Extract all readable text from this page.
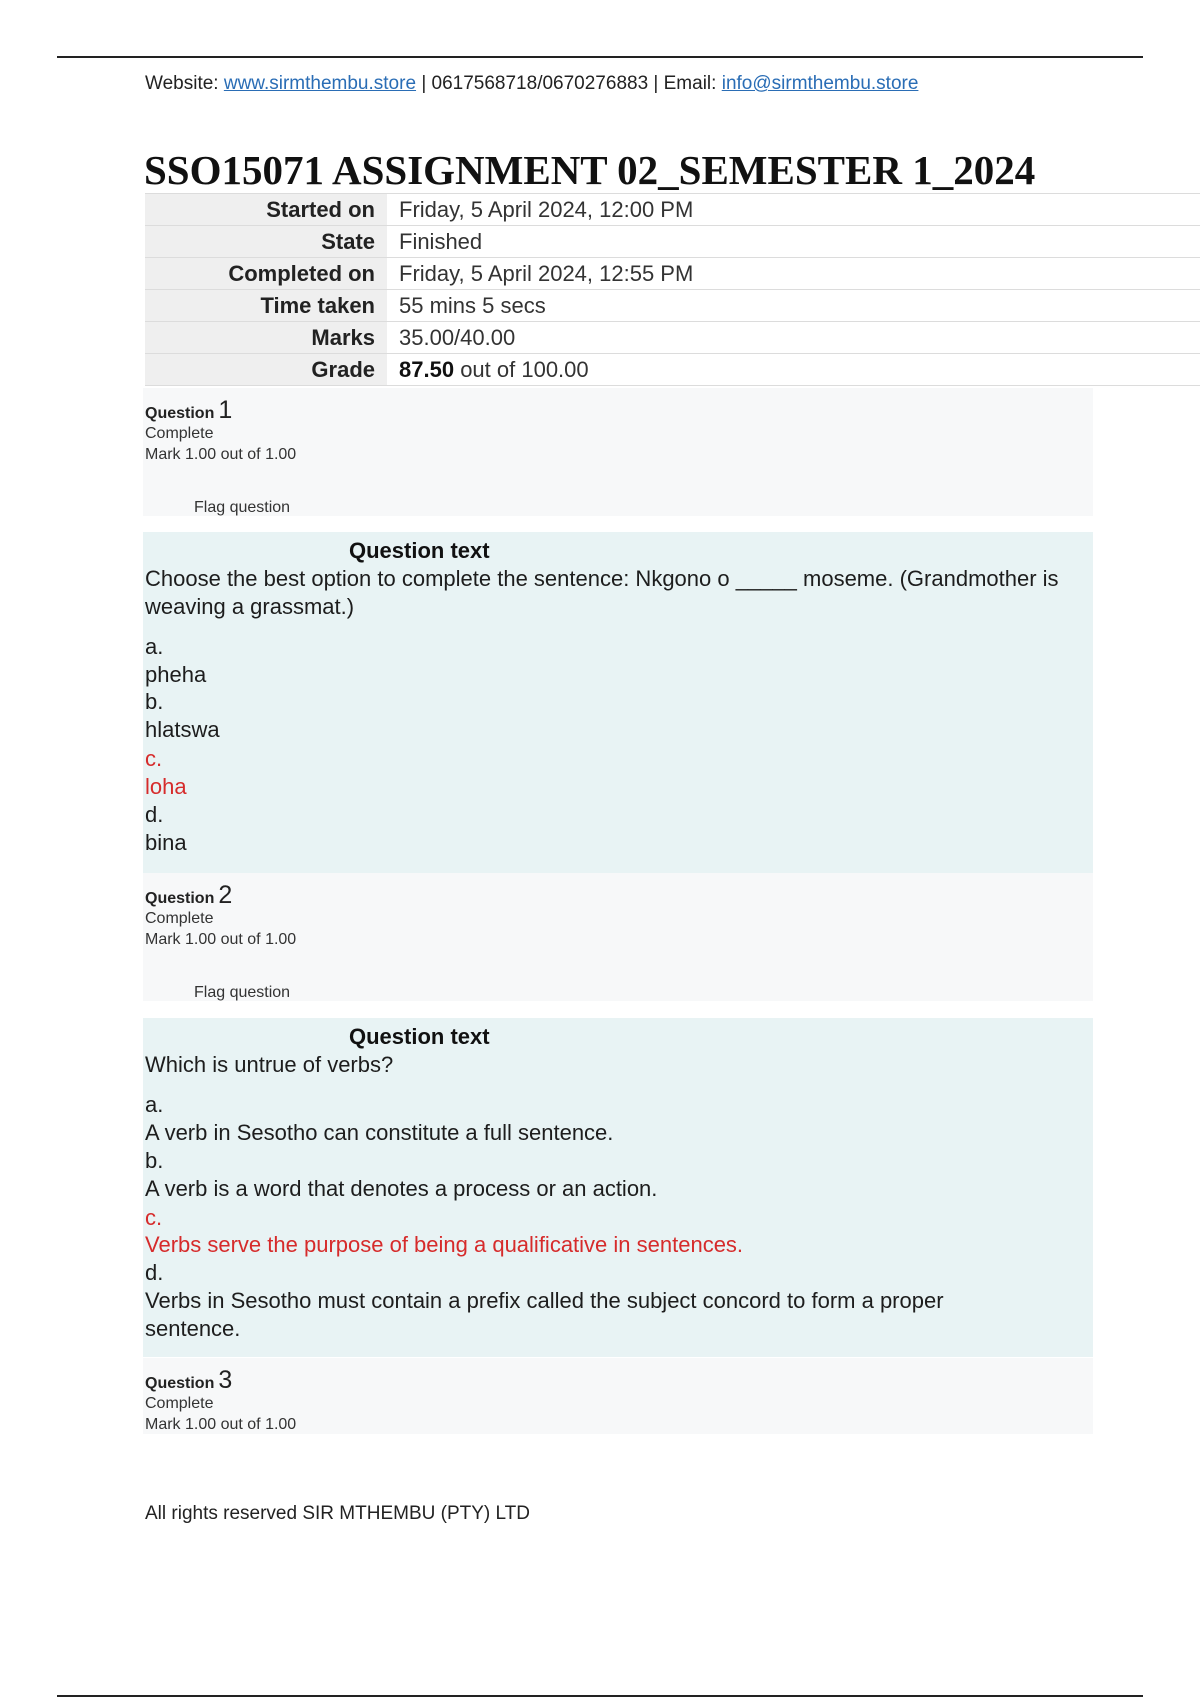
Website: www.sirmthembu.store | 0617568718/0670276883 | Email: info@sirmthembu.store
SSO15071 ASSIGNMENT 02_SEMESTER 1_2024
Started on	Friday, 5 April 2024, 12:00 PM
State	Finished
Completed on	Friday, 5 April 2024, 12:55 PM
Time taken	55 mins 5 secs
Marks	35.00/40.00
Grade	87.50 out of 100.00
Question 1
Complete
Mark 1.00 out of 1.00
Flag question
Question text
Choose the best option to complete the sentence: Nkgono o _____ moseme. (Grandmother is weaving a grassmat.)
a.
pheha
b.
hlatswa
c.
loha
d.
bina
Question 2
Complete
Mark 1.00 out of 1.00
Flag question
Question text
Which is untrue of verbs?
a.
A verb in Sesotho can constitute a full sentence.
b.
A verb is a word that denotes a process or an action.
c.
Verbs serve the purpose of being a qualificative in sentences.
d.
Verbs in Sesotho must contain a prefix called the subject concord to form a proper sentence.
Question 3
Complete
Mark 1.00 out of 1.00
All rights reserved SIR MTHEMBU (PTY) LTD
